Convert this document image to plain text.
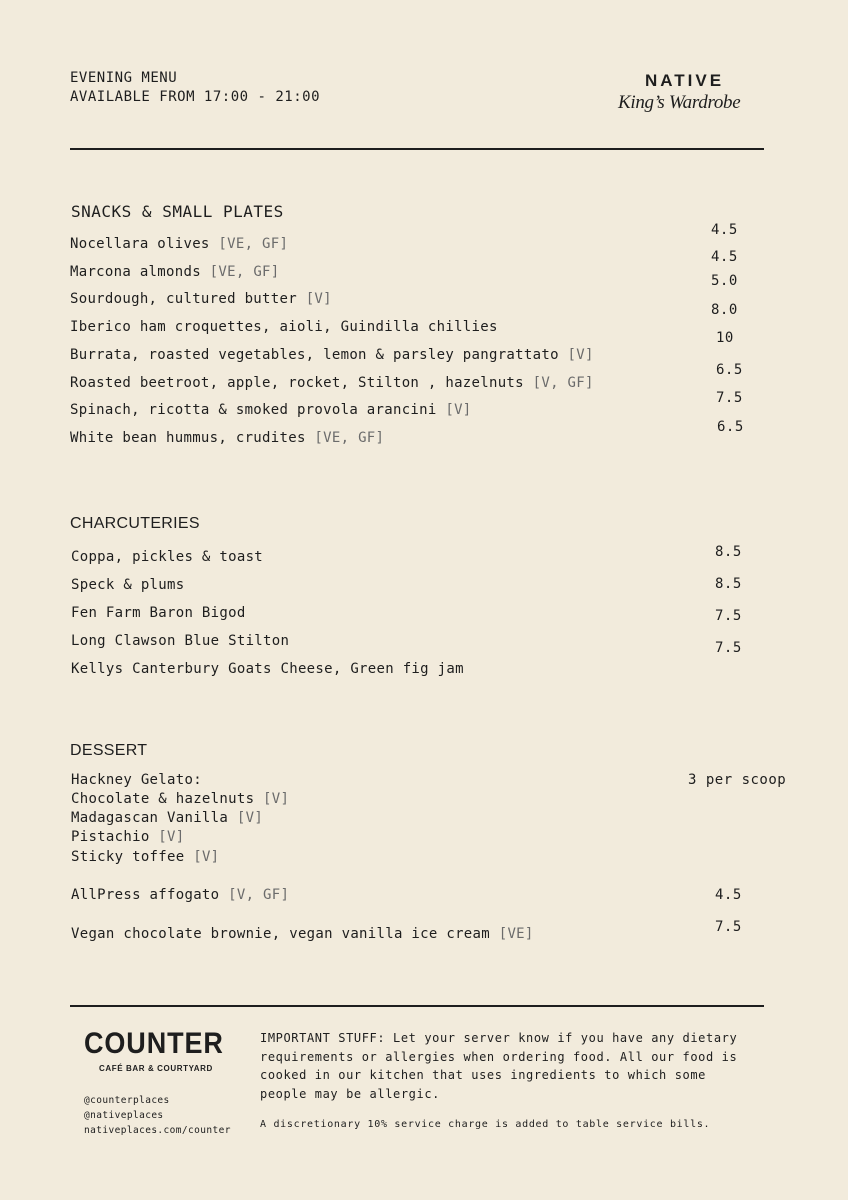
EVENING MENU
AVAILABLE FROM 17:00 - 21:00
NATIVE
King’s Wardrobe
SNACKS & SMALL PLATES
Nocellara olives [VE, GF]
Marcona almonds [VE, GF]
Sourdough, cultured butter [V]
Iberico ham croquettes, aioli, Guindilla chillies
Burrata, roasted vegetables, lemon & parsley pangrattato [V]
Roasted beetroot, apple, rocket, Stilton , hazelnuts [V, GF]
Spinach, ricotta & smoked provola arancini [V]
White bean hummus, crudites [VE, GF]
4.5
4.5
5.0
8.0
10
6.5
7.5
6.5
CHARCUTERIES
Coppa, pickles & toast
Speck & plums
Fen Farm Baron Bigod
Long Clawson Blue Stilton
Kellys Canterbury Goats Cheese, Green fig jam
8.5
8.5
7.5
7.5
DESSERT
Hackney Gelato:
Chocolate & hazelnuts [V]
Madagascan Vanilla [V]
Pistachio [V]
Sticky toffee [V]
3 per scoop
AllPress affogato [V, GF]	4.5
Vegan chocolate brownie, vegan vanilla ice cream [VE]	7.5
COUNTER
CAFÉ BAR & COURTYARD
@counterplaces
@nativeplaces
nativeplaces.com/counter
IMPORTANT STUFF: Let your server know if you have any dietary requirements or allergies when ordering food. All our food is cooked in our kitchen that uses ingredients to which some people may be allergic.
A discretionary 10% service charge is added to table service bills.
